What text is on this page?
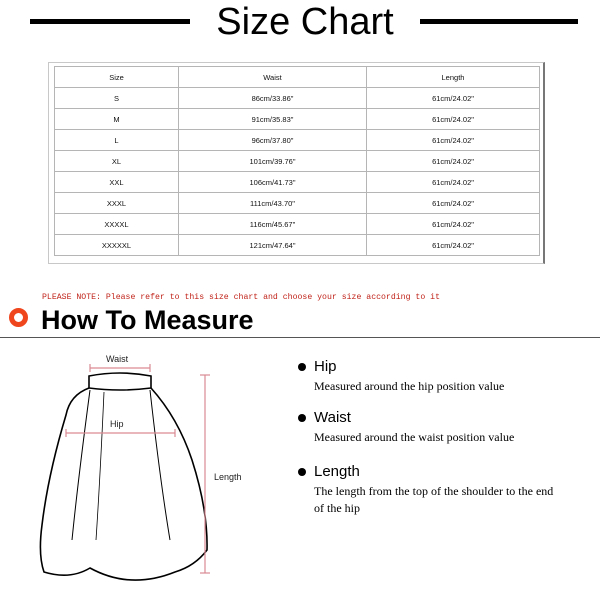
Size Chart
Size	Waist	Length
S	86cm/33.86"	61cm/24.02"
M	91cm/35.83"	61cm/24.02"
L	96cm/37.80"	61cm/24.02"
XL	101cm/39.76"	61cm/24.02"
XXL	106cm/41.73"	61cm/24.02"
XXXL	111cm/43.70"	61cm/24.02"
XXXXL	116cm/45.67"	61cm/24.02"
XXXXXL	121cm/47.64"	61cm/24.02"
PLEASE NOTE: Please refer to this size chart and choose your size according to it
How To Measure
Waist
Hip
Length
Hip
Measured around the hip position value
Waist
Measured around the waist position value
Length
The length from the top of the shoulder to the end of the hip
